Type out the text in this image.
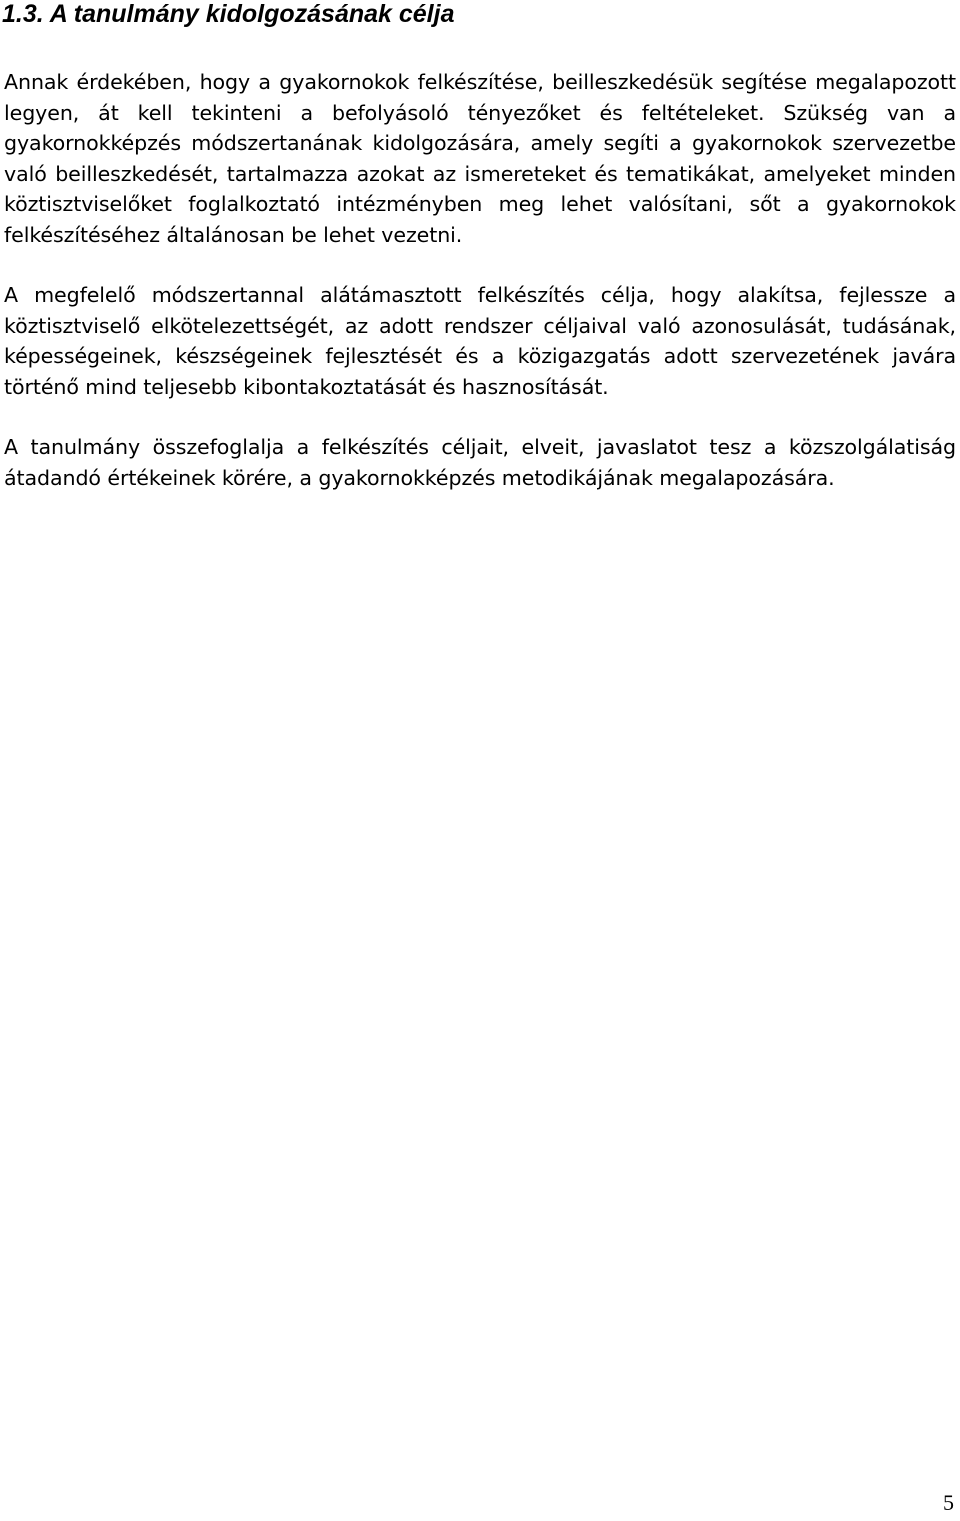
1.3. A tanulmány kidolgozásának célja

Annak érdekében, hogy a gyakornokok felkészítése, beilleszkedésük segítése megalapozott legyen, át kell tekinteni a befolyásoló tényezőket és feltételeket. Szükség van a gyakornokképzés módszertanának kidolgozására, amely segíti a gyakornokok szervezetbe való beilleszkedését, tartalmazza azokat az ismereteket és tematikákat, amelyeket minden köztisztviselőket foglalkoztató intézményben meg lehet valósítani, sőt a gyakornokok felkészítéséhez általánosan be lehet vezetni.

A megfelelő módszertannal alátámasztott felkészítés célja, hogy alakítsa, fejlessze a köztisztviselő elkötelezettségét, az adott rendszer céljaival való azonosulását, tudásának, képességeinek, készségeinek fejlesztését és a közigazgatás adott szervezetének javára történő mind teljesebb kibontakoztatását és hasznosítását.

A tanulmány összefoglalja a felkészítés céljait, elveit, javaslatot tesz a közszolgálatiság átadandó értékeinek körére, a gyakornokképzés metodikájának megalapozására.

5
